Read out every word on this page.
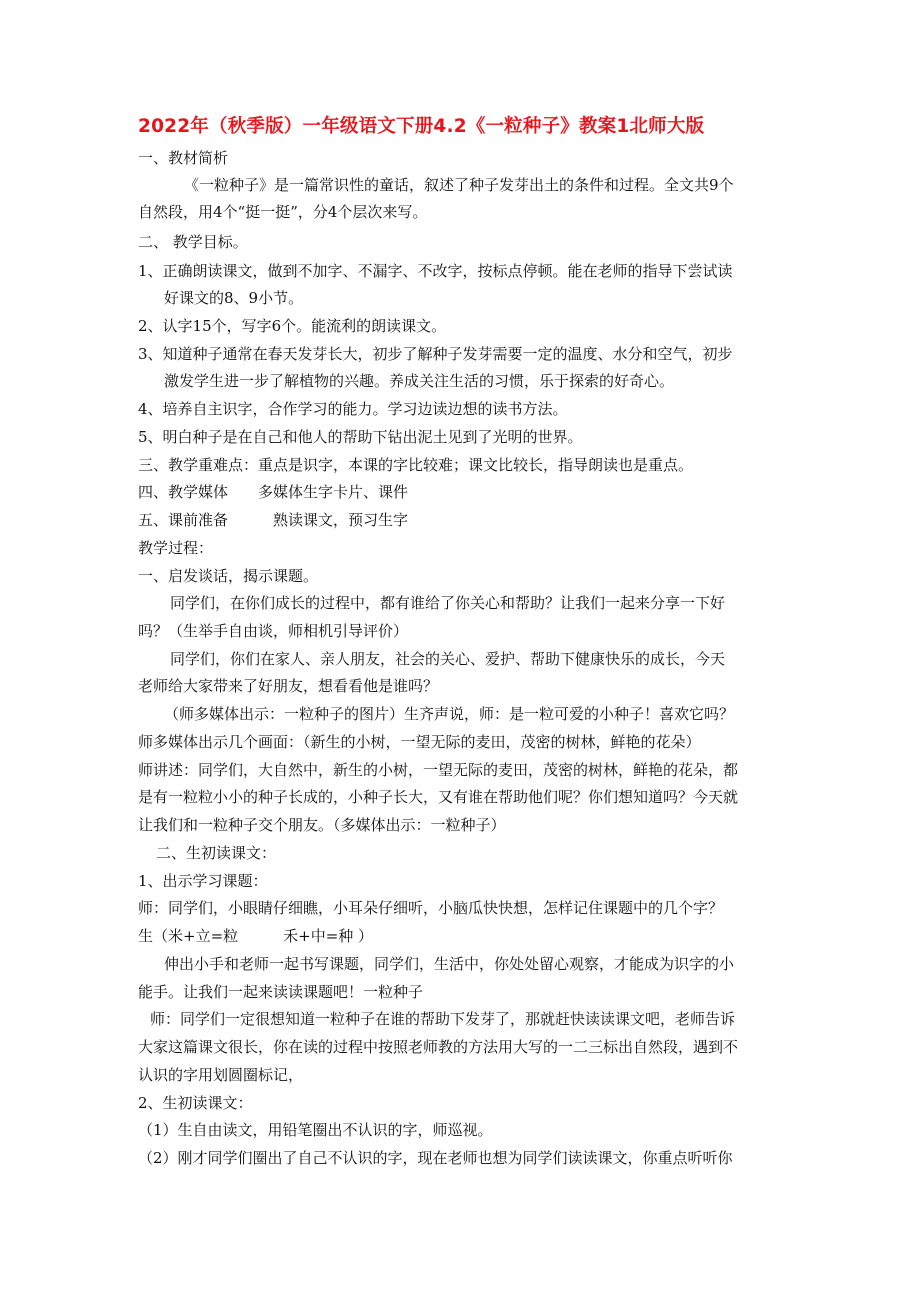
2022年（秋季版）一年级语文下册4.2《一粒种子》教案1北师大版
一、教材简析
《一粒种子》是一篇常识性的童话，叙述了种子发芽出土的条件和过程。全文共9个
自然段，用4个“挺一挺”，分4个层次来写。
二、 教学目标。
1、正确朗读课文，做到不加字、不漏字、不改字，按标点停顿。能在老师的指导下尝试读
好课文的8、9小节。
2、认字15个，写字6个。能流利的朗读课文。
3、知道种子通常在春天发芽长大，初步了解种子发芽需要一定的温度、水分和空气，初步
激发学生进一步了解植物的兴趣。养成关注生活的习惯，乐于探索的好奇心。
4、培养自主识字，合作学习的能力。学习边读边想的读书方法。
5、明白种子是在自己和他人的帮助下钻出泥土见到了光明的世界。
三、教学重难点：重点是识字，本课的字比较难；课文比较长，指导朗读也是重点。
四、教学媒体　　多媒体生字卡片、课件
五、课前准备　　　熟读课文，预习生字
教学过程：
一、启发谈话，揭示课题。
同学们，在你们成长的过程中，都有谁给了你关心和帮助？让我们一起来分享一下好
吗？（生举手自由谈，师相机引导评价）
同学们，你们在家人、亲人朋友，社会的关心、爱护、帮助下健康快乐的成长，今天
老师给大家带来了好朋友，想看看他是谁吗？
（师多媒体出示：一粒种子的图片）生齐声说，师：是一粒可爱的小种子！喜欢它吗？
师多媒体出示几个画面：（新生的小树，一望无际的麦田，茂密的树林，鲜艳的花朵）
师讲述：同学们，大自然中，新生的小树，一望无际的麦田，茂密的树林，鲜艳的花朵，都
是有一粒粒小小的种子长成的，小种子长大，又有谁在帮助他们呢？你们想知道吗？今天就
让我们和一粒种子交个朋友。（多媒体出示：一粒种子）
二、生初读课文：
1、出示学习课题：
师：同学们，小眼睛仔细瞧，小耳朵仔细听，小脑瓜快快想，怎样记住课题中的几个字？
生（米+立=粒　　　禾+中=种 ）
伸出小手和老师一起书写课题，同学们，生活中，你处处留心观察，才能成为识字的小
能手。让我们一起来读读课题吧！一粒种子
师：同学们一定很想知道一粒种子在谁的帮助下发芽了，那就赶快读读课文吧，老师告诉
大家这篇课文很长，你在读的过程中按照老师教的方法用大写的一二三标出自然段，遇到不
认识的字用划圆圈标记，
2、生初读课文：
（1）生自由读文，用铅笔圈出不认识的字，师巡视。
（2）刚才同学们圈出了自己不认识的字，现在老师也想为同学们读读课文，你重点听听你
